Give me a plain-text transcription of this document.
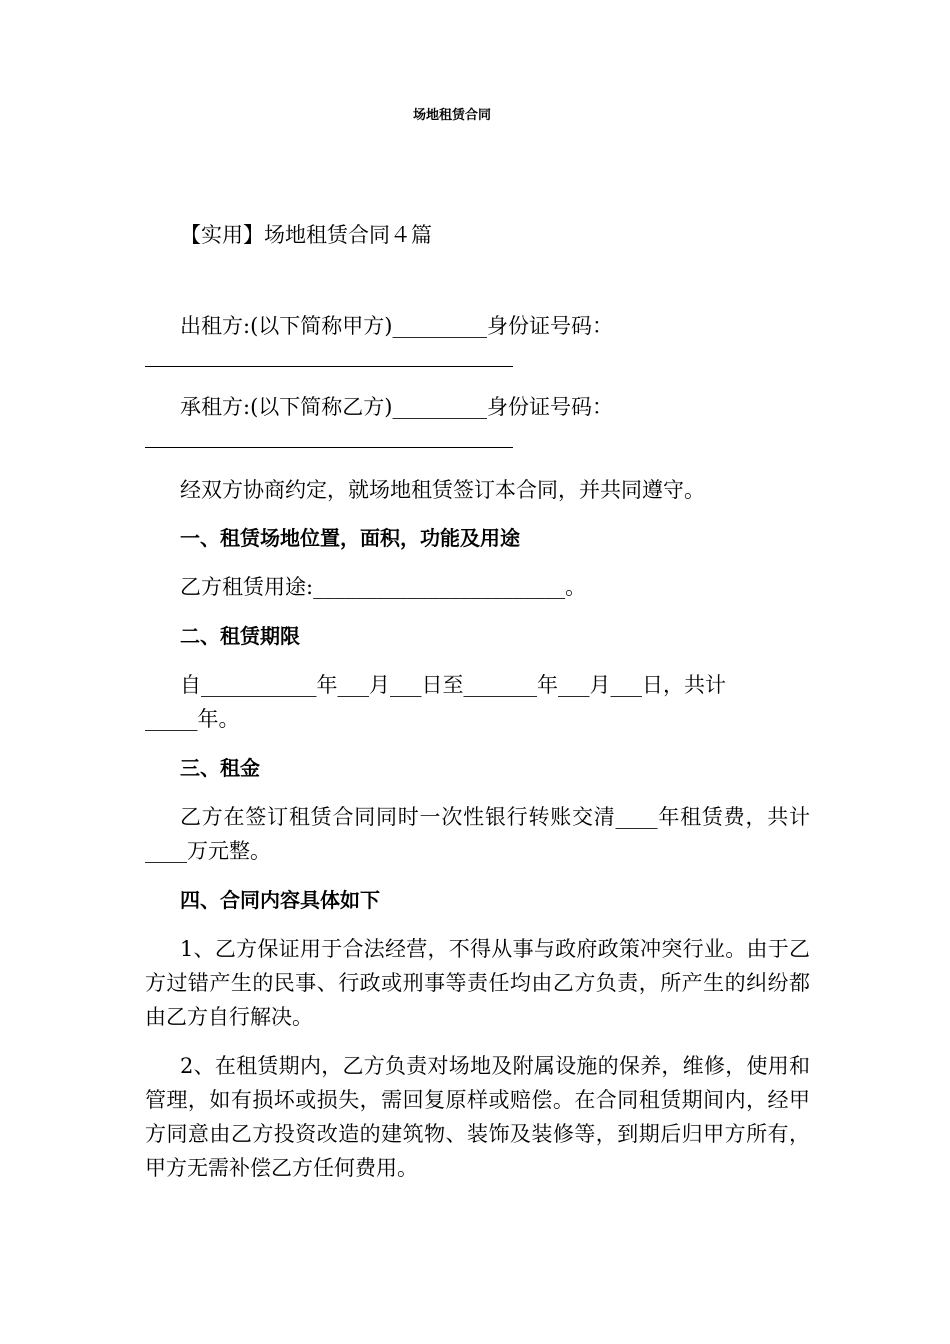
场地租赁合同
【实用】场地租赁合同４篇
出租方:(以下简称甲方)_________身份证号码：
承租方:(以下简称乙方)_________身份证号码：
经双方协商约定，就场地租赁签订本合同，并共同遵守。
一、租赁场地位置，面积，功能及用途
乙方租赁用途:________________________。
二、租赁期限
自___________年___月___日至_______年___月___日，共计
_____年。
三、租金
乙方在签订租赁合同同时一次性银行转账交清____年租赁费，共计____万元整。
四、合同内容具体如下
1、乙方保证用于合法经营，不得从事与政府政策冲突行业。由于乙方过错产生的民事、行政或刑事等责任均由乙方负责，所产生的纠纷都由乙方自行解决。
2、在租赁期内，乙方负责对场地及附属设施的保养，维修，使用和管理，如有损坏或损失，需回复原样或赔偿。在合同租赁期间内，经甲方同意由乙方投资改造的建筑物、装饰及装修等，到期后归甲方所有，甲方无需补偿乙方任何费用。
